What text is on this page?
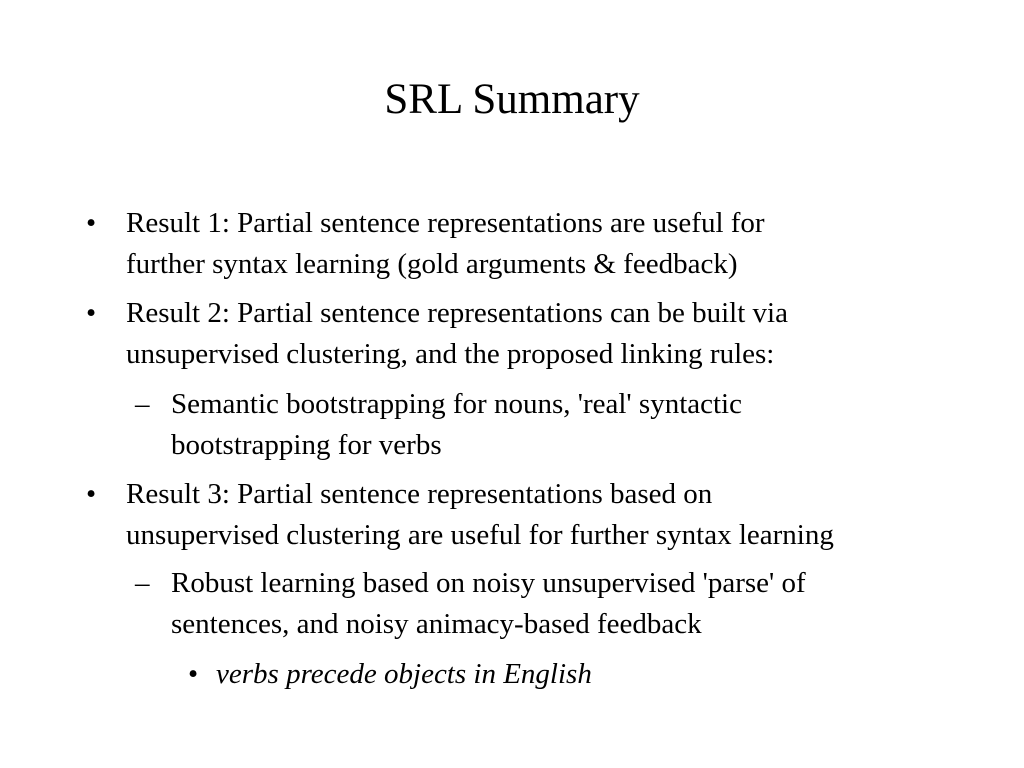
SRL Summary
• Result 1: Partial sentence representations are useful for
further syntax learning (gold arguments & feedback)
• Result 2: Partial sentence representations can be built via
unsupervised clustering, and the proposed linking rules:
– Semantic bootstrapping for nouns, 'real' syntactic
bootstrapping for verbs
• Result 3: Partial sentence representations based on
unsupervised clustering are useful for further syntax learning
– Robust learning based on noisy unsupervised 'parse' of
sentences, and noisy animacy-based feedback
• verbs precede objects in English
